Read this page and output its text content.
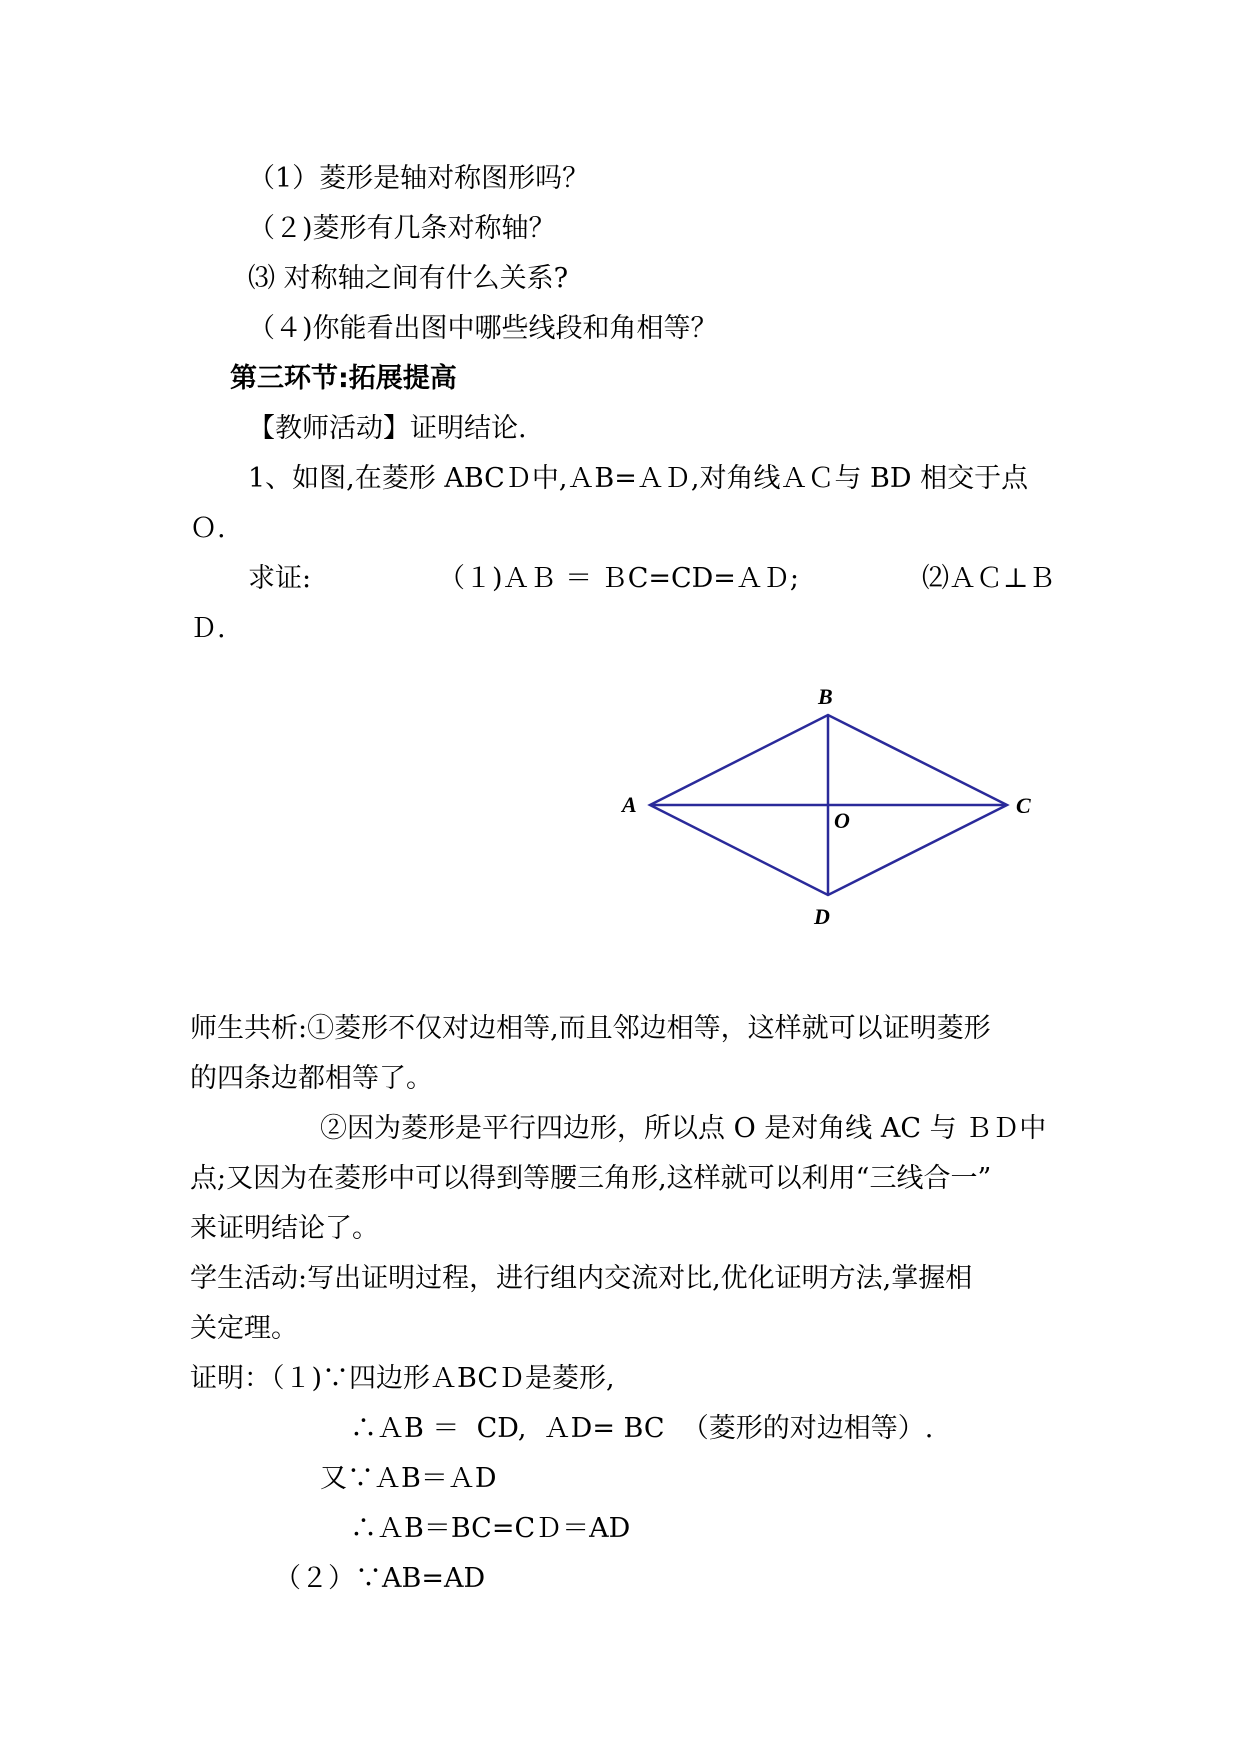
（1）菱形是轴对称图形吗？
（２)菱形有几条对称轴？
⑶ 对称轴之间有什么关系?
（４)你能看出图中哪些线段和角相等？
第三环节:拓展提高
【教师活动】证明结论.
1、如图,在菱形 ABCＤ中,ＡB=ＡＤ,对角线ＡＣ与 BD 相交于点
Ｏ.
求证:	（１)ＡＢ ＝ ＢC=CD=ＡＤ;	⑵ＡＣ⊥Ｂ
Ｄ.
A
B
C
D
O
师生共析:①菱形不仅对边相等,而且邻边相等，这样就可以证明菱形
的四条边都相等了。
②因为菱形是平行四边形，所以点 O 是对角线 AC 与 ＢＤ中
点;又因为在菱形中可以得到等腰三角形,这样就可以利用“三线合一”
来证明结论了。
学生活动:写出证明过程，进行组内交流对比,优化证明方法,掌握相
关定理。
证明：（１)∵四边形ＡBCＤ是菱形,
∴ＡB ＝  CD,  ＡD= BC  （菱形的对边相等）.
又∵ＡB＝ＡD
∴ＡB＝BC=CＤ＝AD
（２）∵AB=AD
